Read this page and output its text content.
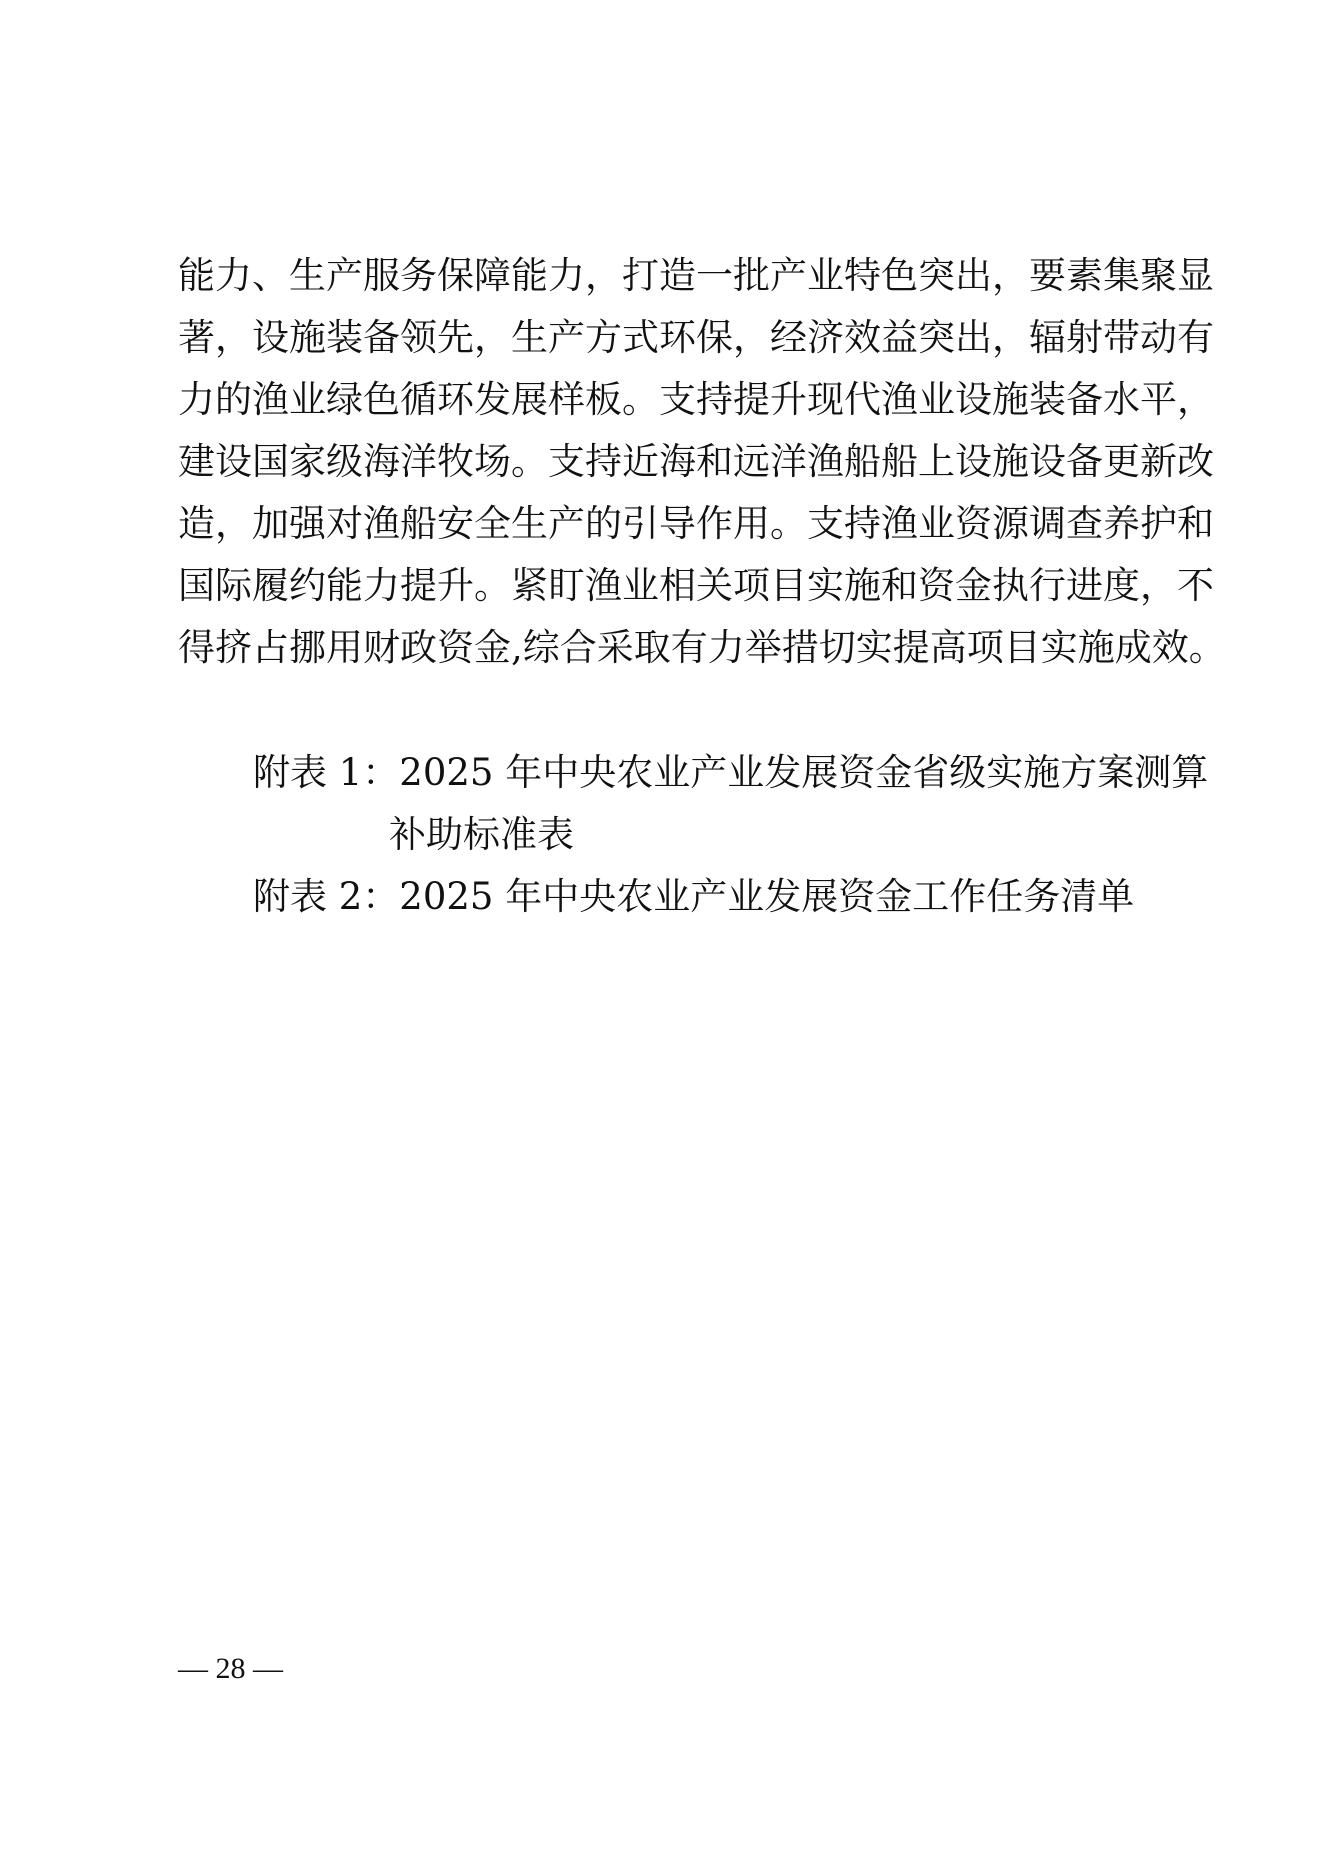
能力、生产服务保障能力，打造一批产业特色突出，要素集聚显
著，设施装备领先，生产方式环保，经济效益突出，辐射带动有
力的渔业绿色循环发展样板。支持提升现代渔业设施装备水平，
建设国家级海洋牧场。支持近海和远洋渔船船上设施设备更新改
造，加强对渔船安全生产的引导作用。支持渔业资源调查养护和
国际履约能力提升。紧盯渔业相关项目实施和资金执行进度，不
得挤占挪用财政资金,综合采取有力举措切实提高项目实施成效。
附表 1：2025 年中央农业产业发展资金省级实施方案测算
补助标准表
附表 2：2025 年中央农业产业发展资金工作任务清单
— 28 —
